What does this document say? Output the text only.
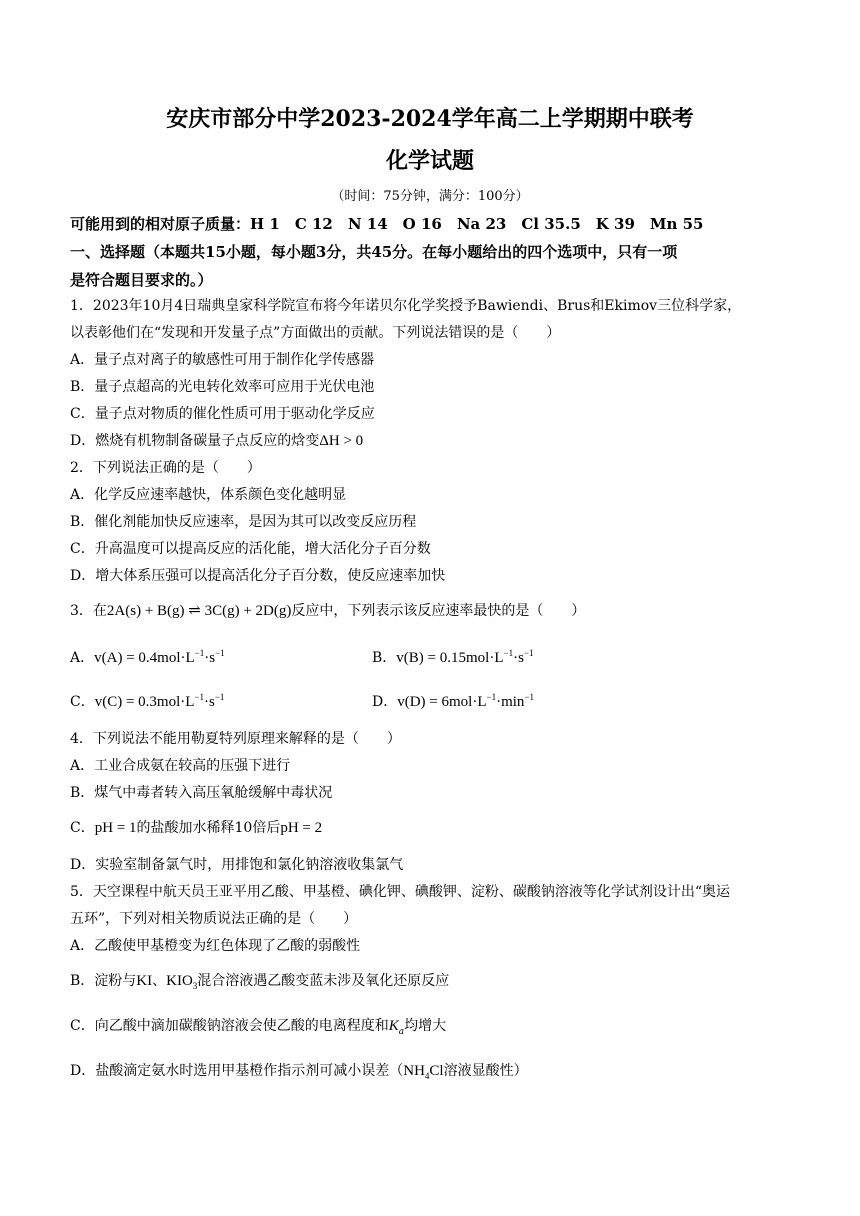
安庆市部分中学2023-2024学年高二上学期期中联考
化学试题
（时间：75分钟，满分：100分）
可能用到的相对原子质量：H 1　C 12　N 14　O 16　Na 23　Cl 35.5　K 39　Mn 55
一、选择题（本题共15小题，每小题3分，共45分。在每小题给出的四个选项中，只有一项
是符合题目要求的。）
1．2023年10月4日瑞典皇家科学院宣布将今年诺贝尔化学奖授予Bawiendi、Brus和Ekimov三位科学家，
以表彰他们在“发现和开发量子点”方面做出的贡献。下列说法错误的是（　　）
A．量子点对离子的敏感性可用于制作化学传感器
B．量子点超高的光电转化效率可应用于光伏电池
C．量子点对物质的催化性质可用于驱动化学反应
D．燃烧有机物制备碳量子点反应的焓变ΔH > 0
2．下列说法正确的是（　　）
A．化学反应速率越快，体系颜色变化越明显
B．催化剂能加快反应速率，是因为其可以改变反应历程
C．升高温度可以提高反应的活化能，增大活化分子百分数
D．增大体系压强可以提高活化分子百分数，使反应速率加快
3．在2A(s) + B(g) ⇌ 3C(g) + 2D(g)反应中，下列表示该反应速率最快的是（　　）
A．$v(A) = 0.4mol\cdot L^{-1}\cdot s^{-1}$	B．$v(B) = 0.15mol\cdot L^{-1}\cdot s^{-1}$
C．$v(C) = 0.3mol\cdot L^{-1}\cdot s^{-1}$	D．$v(D) = 6mol\cdot L^{-1}\cdot\min^{-1}$
4．下列说法不能用勒夏特列原理来解释的是（　　）
A．工业合成氨在较高的压强下进行
B．煤气中毒者转入高压氧舱缓解中毒状况
C．pH = 1的盐酸加水稀释10倍后pH = 2
D．实验室制备氯气时，用排饱和氯化钠溶液收集氯气
5．天空课程中航天员王亚平用乙酸、甲基橙、碘化钾、碘酸钾、淀粉、碳酸钠溶液等化学试剂设计出“奥运
五环”，下列对相关物质说法正确的是（　　）
A．乙酸使甲基橙变为红色体现了乙酸的弱酸性
B．淀粉与KI、$KIO_3$混合溶液遇乙酸变蓝未涉及氧化还原反应
C．向乙酸中滴加碳酸钠溶液会使乙酸的电离程度和$K_a$均增大
D．盐酸滴定氨水时选用甲基橙作指示剂可减小误差（$NH_4Cl$溶液显酸性）
